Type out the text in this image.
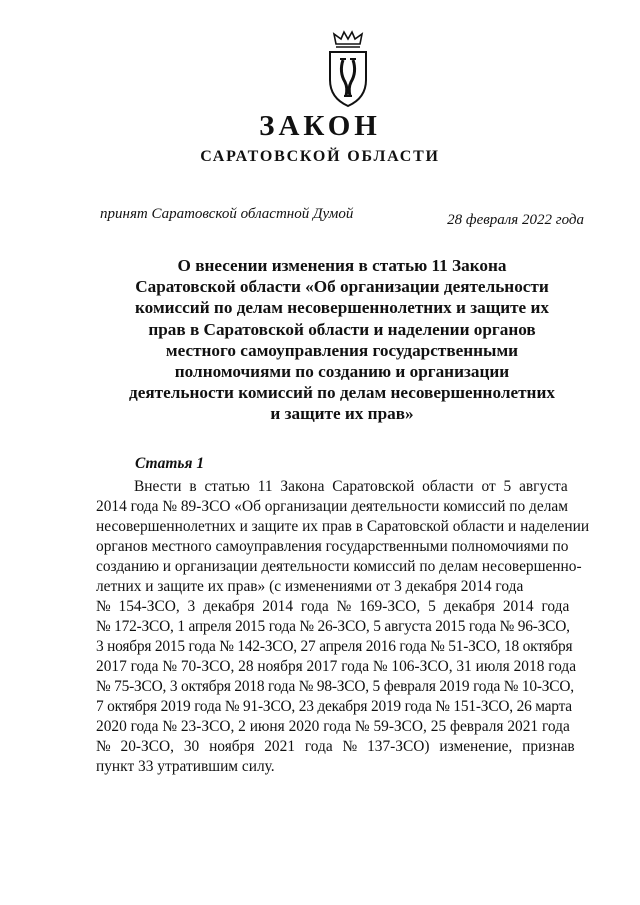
ЗАКОН
САРАТОВСКОЙ ОБЛАСТИ
принят Саратовской областной Думой	28 февраля 2022 года
О внесении изменения в статью 11 Закона
Саратовской области «Об организации деятельности
комиссий по делам несовершеннолетних и защите их
прав в Саратовской области и наделении органов
местного самоуправления государственными
полномочиями по созданию и организации
деятельности комиссий по делам несовершеннолетних
и защите их прав»
Статья 1
Внести в статью 11 Закона Саратовской области от 5 августа
2014 года № 89-ЗСО «Об организации деятельности комиссий по делам
несовершеннолетних и защите их прав в Саратовской области и наделении
органов местного самоуправления государственными полномочиями по
созданию и организации деятельности комиссий по делам несовершенно-
летних и защите их прав» (с изменениями от 3 декабря 2014 года
№ 154-ЗСО, 3 декабря 2014 года № 169-ЗСО, 5 декабря 2014 года
№ 172-ЗСО, 1 апреля 2015 года № 26-ЗСО, 5 августа 2015 года № 96-ЗСО,
3 ноября 2015 года № 142-ЗСО, 27 апреля 2016 года № 51-ЗСО, 18 октября
2017 года № 70-ЗСО, 28 ноября 2017 года № 106-ЗСО, 31 июля 2018 года
№ 75-ЗСО, 3 октября 2018 года № 98-ЗСО, 5 февраля 2019 года № 10-ЗСО,
7 октября 2019 года № 91-ЗСО, 23 декабря 2019 года № 151-ЗСО, 26 марта
2020 года № 23-ЗСО, 2 июня 2020 года № 59-ЗСО, 25 февраля 2021 года
№ 20-ЗСО, 30 ноября 2021 года № 137-ЗСО) изменение, признав
пункт 33 утратившим силу.
